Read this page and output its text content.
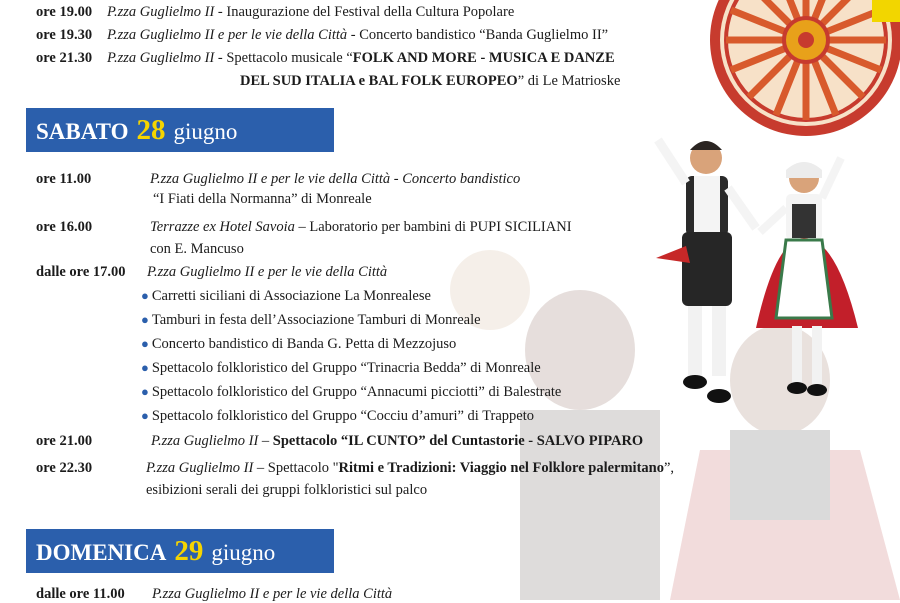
ore 19.00 P.zza Guglielmo II - Inaugurazione del Festival della Cultura Popolare
ore 19.30 P.zza Guglielmo II e per le vie della Città - Concerto bandistico “Banda Guglielmo II”
ore 21.30 P.zza Guglielmo II - Spettacolo musicale “FOLK AND MORE - MUSICA E DANZE
DEL SUD ITALIA e BAL FOLK EUROPEO” di Le Matrioske
SABATO 28 giugno
ore 11.00	P.zza Guglielmo II e per le vie della Città - Concerto bandistico
“I Fiati della Normanna” di Monreale
ore 16.00	Terrazze ex Hotel Savoia – Laboratorio per bambini di PUPI SICILIANI
con E. Mancuso
dalle ore 17.00 P.zza Guglielmo II e per le vie della Città
● Carretti siciliani di Associazione La Monrealese
● Tamburi in festa dell’Associazione Tamburi di Monreale
● Concerto bandistico di Banda G. Petta di Mezzojuso
● Spettacolo folkloristico del Gruppo “Trinacria Bedda” di Monreale
● Spettacolo folkloristico del Gruppo “Annacumi picciotti” di Balestrate
● Spettacolo folkloristico del Gruppo “Cocciu d’amuri” di Trappeto
ore 21.00	P.zza Guglielmo II – Spettacolo “IL CUNTO” del Cuntastorie - SALVO PIPARO
ore 22.30	P.zza Guglielmo II – Spettacolo "Ritmi e Tradizioni: Viaggio nel Folklore palermitano”,
esibizioni serali dei gruppi folkloristici sul palco
DOMENICA 29 giugno
dalle ore 11.00 P.zza Guglielmo II e per le vie della Città
